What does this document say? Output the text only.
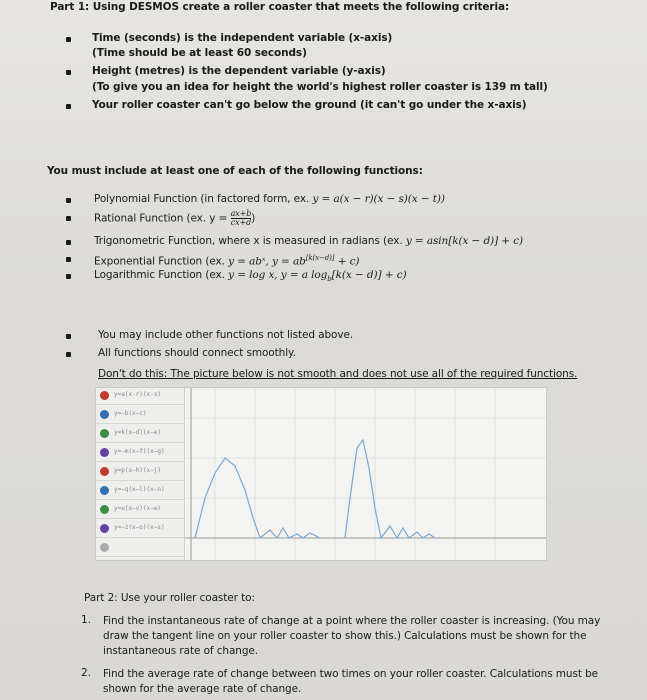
Part 1: Using DESMOS create a roller coaster that meets the following criteria:
Time (seconds) is the independent variable (x-axis)
(Time should be at least 60 seconds)
Height (metres) is the dependent variable (y-axis)
(To give you an idea for height the world's highest roller coaster is 139 m tall)
Your roller coaster can't go below the ground (it can't go under the x-axis)
You must include at least one of each of the following functions:
Polynomial Function (in factored form, ex. y = a(x − r)(x − s)(x − t))
Rational Function (ex. $y = \frac{ax+b}{cx+d}$ )
Trigonometric Function, where x is measured in radians (ex. y = asin[k(x − d)] + c)
Exponential Function (ex. y = abˣ, y = ab[k(x−d)] + c)
Logarithmic Function (ex. y = log x, y = a $\log_b[k(x - d)] + c$)
You may include other functions not listed above.
All functions should connect smoothly.
Don't do this: The picture below is not smooth and does not use all of the required functions.
y=a(x-r)(x-s)
y=−b(x−c)
y=k(x−d)(x−e)
y=−m(x−f)(x−g)
y=p(x−h)(x−j)
y=−q(x−l)(x−n)
y=u(x−v)(x−w)
y=−z(x−o)(x−s)
Part 2: Use your roller coaster to:
1. Find the instantaneous rate of change at a point where the roller coaster is increasing. (You may
draw the tangent line on your roller coaster to show this.) Calculations must be shown for the
instantaneous rate of change.
2. Find the average rate of change between two times on your roller coaster. Calculations must be
shown for the average rate of change.
